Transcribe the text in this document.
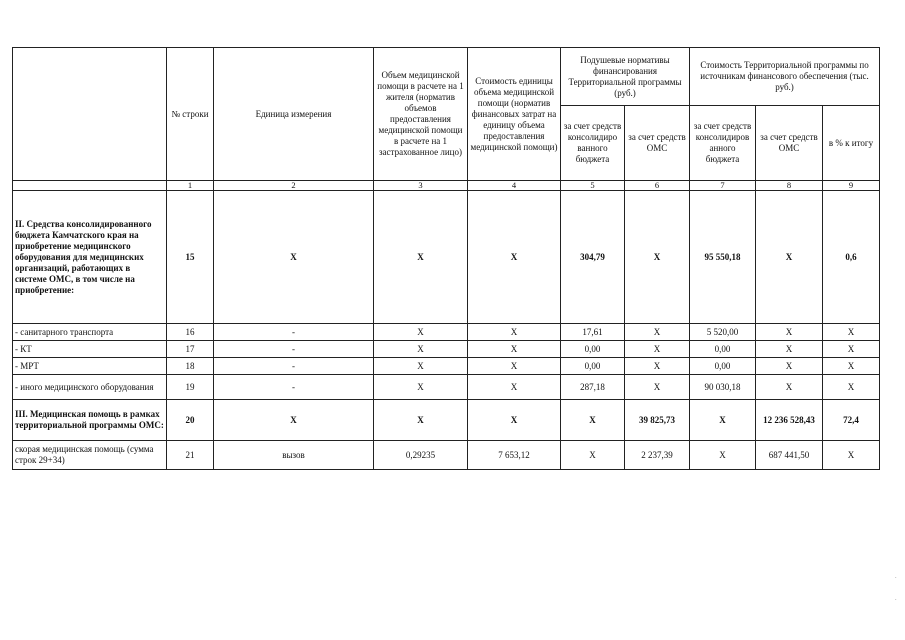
	№ строки	Единица измерения	Объем медицинской помощи в расчете на 1 жителя (норматив объемов предоставления медицинской помощи в расчете на 1 застрахованное лицо)	Стоимость единицы объема медицинской помощи (норматив финансовых затрат на единицу объема предоставления медицинской помощи)	Подушевые нормативы финансирования Территориальной программы (руб.)		Стоимость Территориальной программы по источникам финансового обеспечения (тыс. руб.)		
					за счет средств консолидиро ванного бюджета	за счет средств ОМС	за счет средств консолидиров анного бюджета	за счет средств ОМС	в % к итогу
	1	2	3	4	5	6	7	8	9
II. Средства консолидированного бюджета Камчатского края на приобретение медицинского оборудования для медицинских организаций, работающих в системе ОМС, в том числе на приобретение:	15	Х	Х	Х	304,79	Х	95 550,18	Х	0,6
- санитарного транспорта	16	-	Х	Х	17,61	Х	5 520,00	Х	Х
- КТ	17	-	Х	Х	0,00	Х	0,00	Х	Х
- МРТ	18	-	Х	Х	0,00	Х	0,00	Х	Х
- иного медицинского оборудования	19	-	Х	Х	287,18	Х	90 030,18	Х	Х
III. Медицинская помощь в рамках территориальной программы ОМС:	20	Х	Х	Х	Х	39 825,73	Х	12 236 528,43	72,4
скорая медицинская помощь (сумма строк 29+34)	21	вызов	0,29235	7 653,12	Х	2 237,39	Х	687 441,50	Х
·
·
